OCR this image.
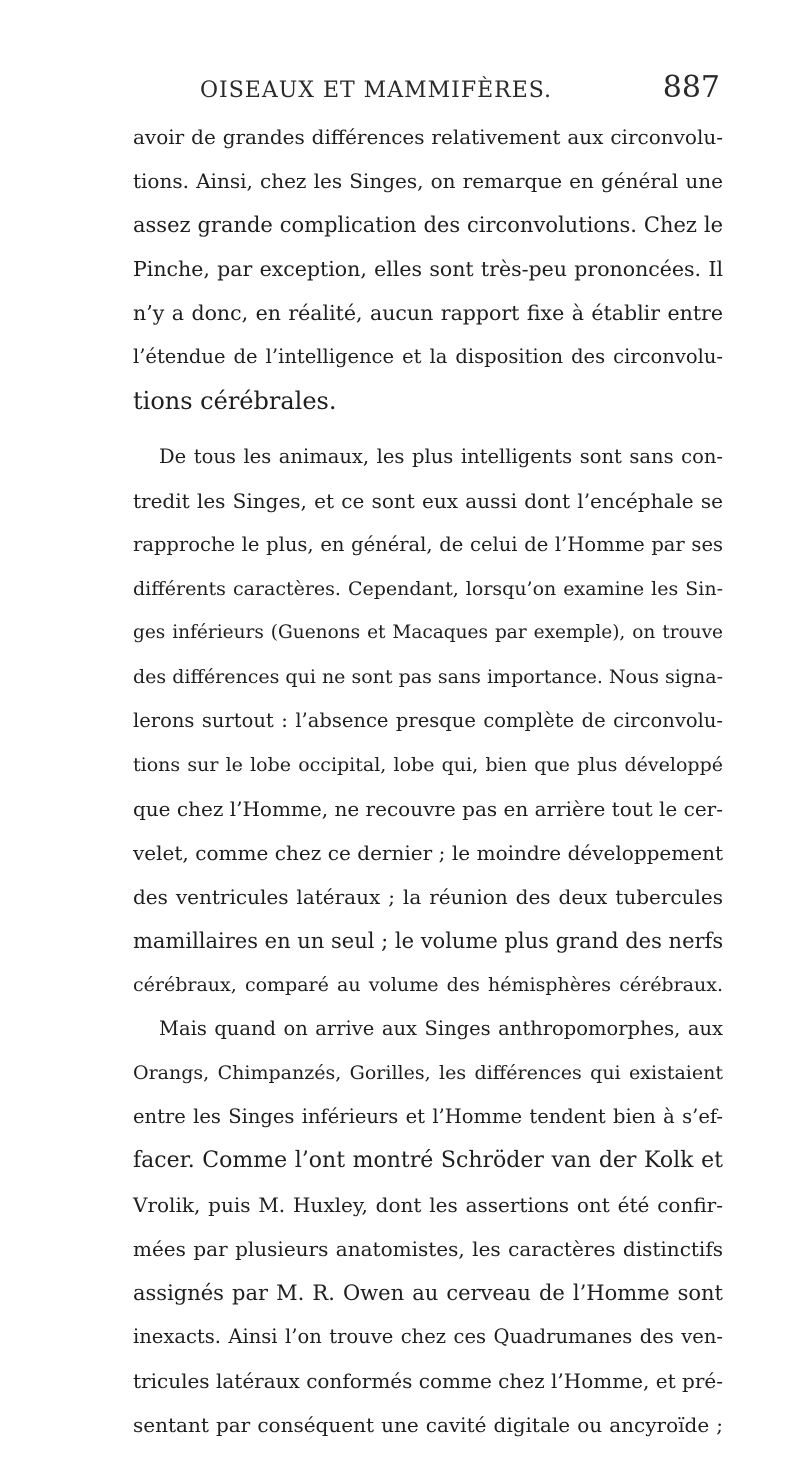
OISEAUX ET MAMMIFÈRES.	887
avoir de grandes différences relativement aux circonvolu-
tions. Ainsi, chez les Singes, on remarque en général une
assez grande complication des circonvolutions. Chez le
Pinche, par exception, elles sont très-peu prononcées. Il
n’y a donc, en réalité, aucun rapport fixe à établir entre
l’étendue de l’intelligence et la disposition des circonvolu-
tions cérébrales.
De tous les animaux, les plus intelligents sont sans con-
tredit les Singes, et ce sont eux aussi dont l’encéphale se
rapproche le plus, en général, de celui de l’Homme par ses
différents caractères. Cependant, lorsqu’on examine les Sin-
ges inférieurs (Guenons et Macaques par exemple), on trouve
des différences qui ne sont pas sans importance. Nous signa-
lerons surtout : l’absence presque complète de circonvolu-
tions sur le lobe occipital, lobe qui, bien que plus développé
que chez l’Homme, ne recouvre pas en arrière tout le cer-
velet, comme chez ce dernier ; le moindre développement
des ventricules latéraux ; la réunion des deux tubercules
mamillaires en un seul ; le volume plus grand des nerfs
cérébraux, comparé au volume des hémisphères cérébraux.
Mais quand on arrive aux Singes anthropomorphes, aux
Orangs, Chimpanzés, Gorilles, les différences qui existaient
entre les Singes inférieurs et l’Homme tendent bien à s’ef-
facer. Comme l’ont montré Schröder van der Kolk et
Vrolik, puis M. Huxley, dont les assertions ont été confir-
mées par plusieurs anatomistes, les caractères distinctifs
assignés par M. R. Owen au cerveau de l’Homme sont
inexacts. Ainsi l’on trouve chez ces Quadrumanes des ven-
tricules latéraux conformés comme chez l’Homme, et pré-
sentant par conséquent une cavité digitale ou ancyroïde ;
